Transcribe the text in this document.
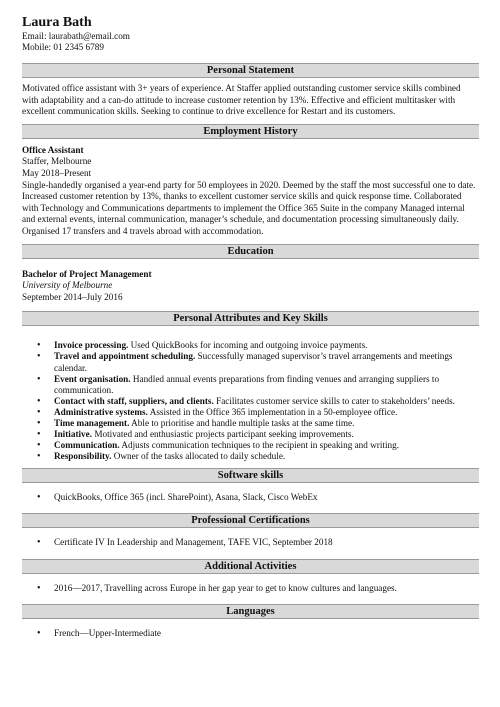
Laura Bath
Email: laurabath@email.com
Mobile: 01 2345 6789
Personal Statement

Motivated office assistant with 3+ years of experience. At Staffer applied outstanding customer service skills combined with adaptability and a can-do attitude to increase customer retention by 13%. Effective and efficient multitasker with excellent communication skills. Seeking to continue to drive excellence for Restart and its customers.

Employment History

Office Assistant

Staffer, Melbourne

May 2018–Present

Single-handedly organised a year-end party for 50 employees in 2020. Deemed by the staff the most successful one to date. Increased customer retention by 13%, thanks to excellent customer service skills and quick response time. Collaborated with Technology and Communications departments to implement the Office 365 Suite in the company Managed internal and external events, internal communication, manager’s schedule, and documentation processing simultaneously daily. Organised 17 transfers and 4 travels abroad with accommodation.

Education

Bachelor of Project Management

University of Melbourne

September 2014–July 2016

Personal Attributes and Key Skills
• Invoice processing. Used QuickBooks for incoming and outgoing invoice payments.
• Travel and appointment scheduling. Successfully managed supervisor’s travel arrangements and meetings calendar.
• Event organisation. Handled annual events preparations from finding venues and arranging suppliers to communication.
• Contact with staff, suppliers, and clients. Facilitates customer service skills to cater to stakeholders’ needs.
• Administrative systems. Assisted in the Office 365 implementation in a 50-employee office.
• Time management. Able to prioritise and handle multiple tasks at the same time.
• Initiative. Motivated and enthusiastic projects participant seeking improvements.
• Communication. Adjusts communication techniques to the recipient in speaking and writing.
• Responsibility. Owner of the tasks allocated to daily schedule.
Software skills
• QuickBooks, Office 365 (incl. SharePoint), Asana, Slack, Cisco WebEx
Professional Certifications
• Certificate IV In Leadership and Management, TAFE VIC, September 2018
Additional Activities
• 2016—2017, Travelling across Europe in her gap year to get to know cultures and languages.
Languages
• French—Upper-Intermediate
